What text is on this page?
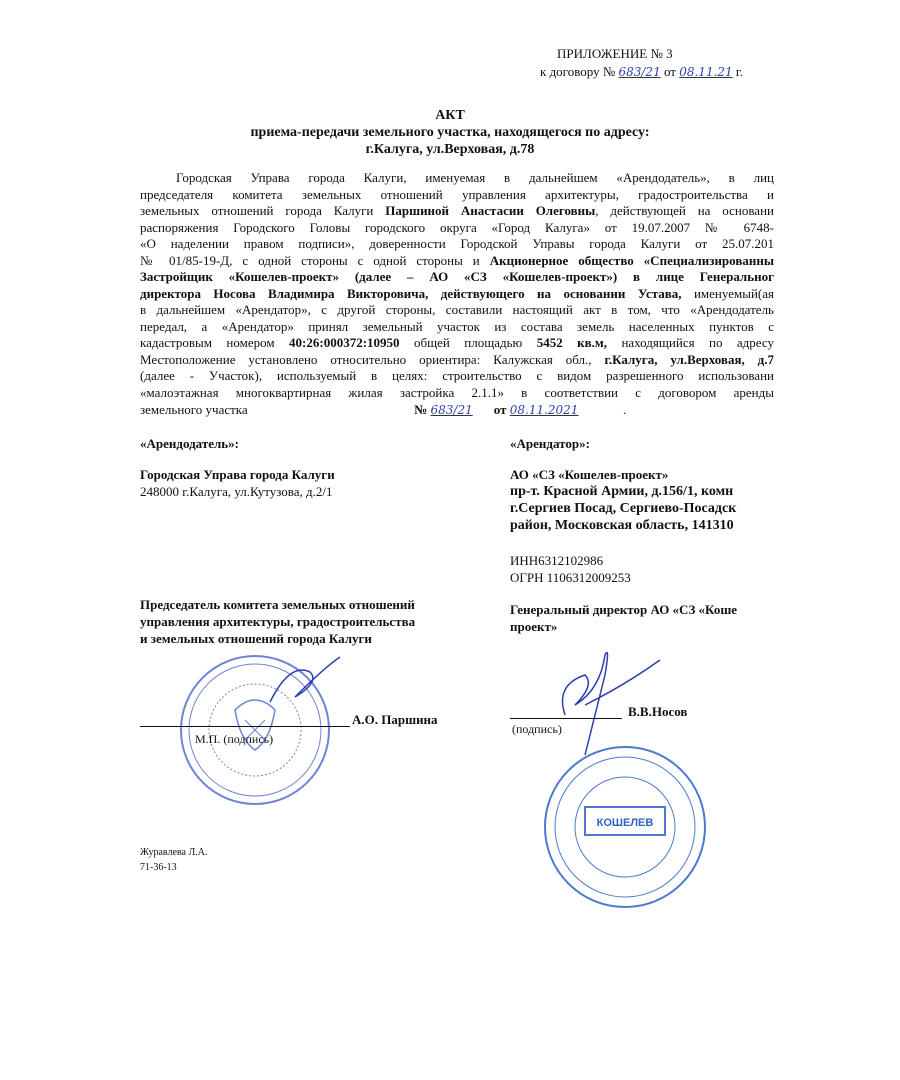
ПРИЛОЖЕНИЕ № 3
к договору № 683/21 от 08.11.21 г.
АКТ
приема-передачи земельного участка, находящегося по адресу:
г.Калуга, ул.Верховая, д.78
Городская Управа города Калуги, именуемая в дальнейшем «Арендодатель», в лиц
председателя комитета земельных отношений управления архитектуры, градостроительства и
земельных отношений города Калуги Паршиной Анастасии Олеговны, действующей на основани
распоряжения Городского Головы городского округа «Город Калуга» от 19.07.2007 № 6748-
«О наделении правом подписи», доверенности Городской Управы города Калуги от 25.07.201
№ 01/85-19-Д, с одной стороны с одной стороны и Акционерное общество «Специализированны
Застройщик «Кошелев-проект» (далее – АО «СЗ «Кошелев-проект») в лице Генеральног
директора Носова Владимира Викторовича, действующего на основании Устава, именуемый(ая
в дальнейшем «Арендатор», с другой стороны, составили настоящий акт в том, что «Арендодатель
передал, а «Арендатор» принял земельный участок из состава земель населенных пунктов с
кадастровым номером 40:26:000372:10950 общей площадью 5452 кв.м, находящийся по адресу
Местоположение установлено относительно ориентира: Калужская обл., г.Калуга, ул.Верховая, д.7
(далее - Участок), используемый в целях: строительство с видом разрешенного использовани
«малоэтажная многоквартирная жилая застройка 2.1.1» в соответствии с договором аренды
земельного участка	№ 683/21 от 08.11.2021	.
«Арендодатель»:
Городская Управа города Калуги
248000 г.Калуга, ул.Кутузова, д.2/1
«Арендатор»:
АО «СЗ «Кошелев-проект»
пр-т. Красной Армии, д.156/1, комн
г.Сергиев Посад, Сергиево-Посадск
район, Московская область, 141310
ИНН6312102986
ОГРН 1106312009253
Председатель комитета земельных отношений
управления архитектуры, градостроительства
и земельных отношений города Калуги
Генеральный директор АО «СЗ «Коше
проект»
А.О. Паршина
М.П. (подпись)
В.В.Носов
(подпись)
КОШЕЛЕВ
Журавлева Л.А.
71-36-13
